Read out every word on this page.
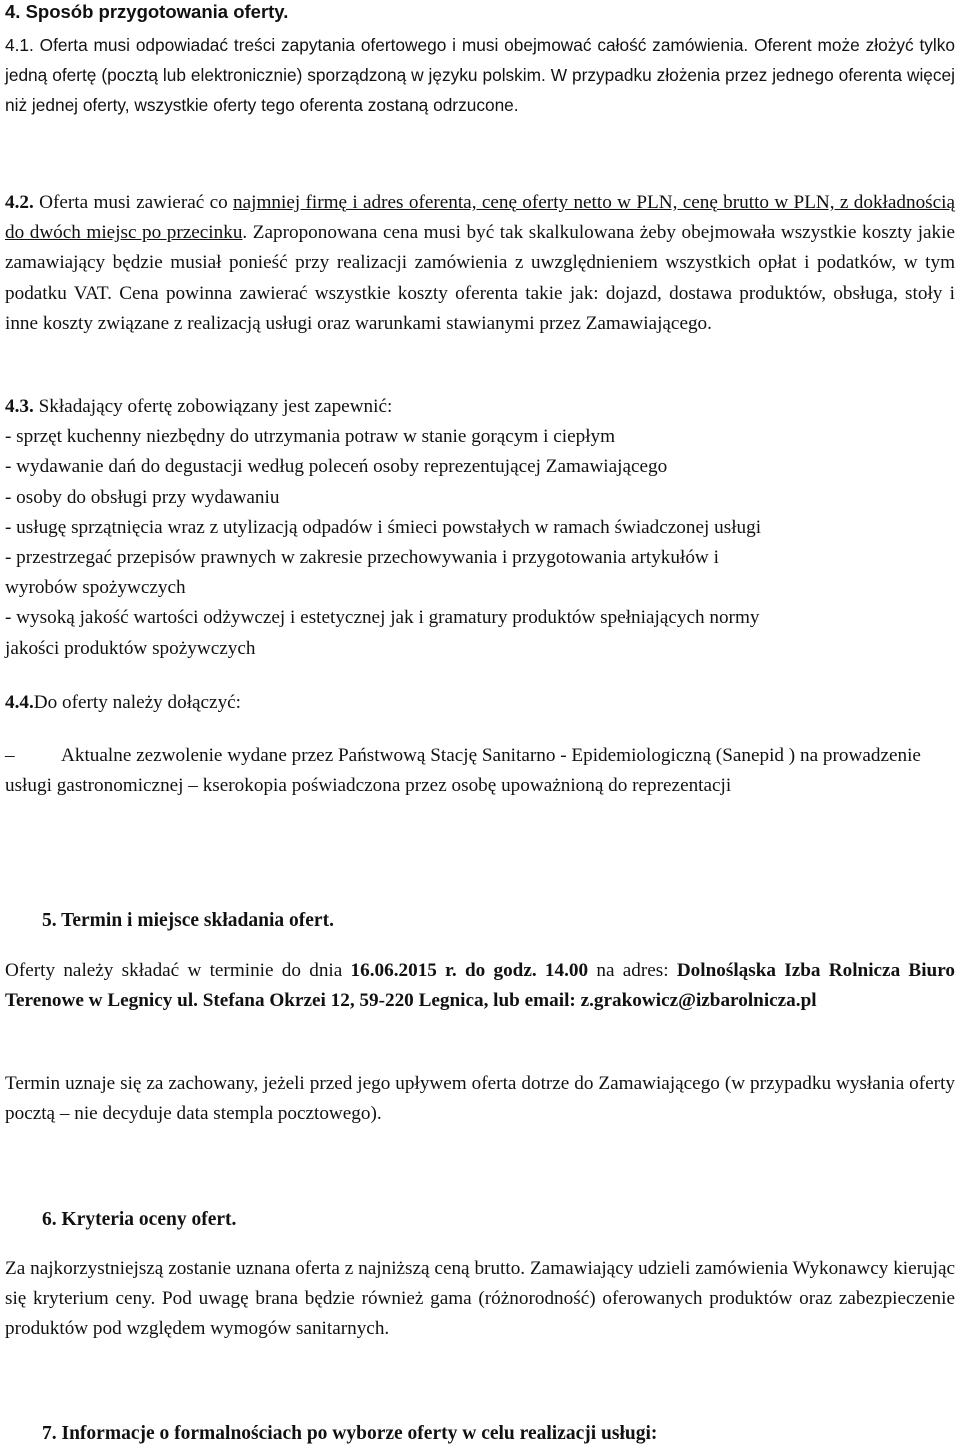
4. Sposób przygotowania oferty.

4.1. Oferta musi odpowiadać treści zapytania ofertowego i musi obejmować całość zamówienia. Oferent może złożyć tylko jedną ofertę (pocztą lub elektronicznie) sporządzoną w języku polskim. W przypadku złożenia przez jednego oferenta więcej niż jednej oferty, wszystkie oferty tego oferenta zostaną odrzucone.

4.2. Oferta musi zawierać co najmniej firmę i adres oferenta, cenę oferty netto w PLN, cenę brutto w PLN, z dokładnością do dwóch miejsc po przecinku. Zaproponowana cena musi być tak skalkulowana żeby obejmowała wszystkie koszty jakie zamawiający będzie musiał ponieść przy realizacji zamówienia z uwzględnieniem wszystkich opłat i podatków, w tym podatku VAT. Cena powinna zawierać wszystkie koszty oferenta takie jak: dojazd, dostawa produktów, obsługa, stoły i inne koszty związane z realizacją usługi oraz warunkami stawianymi przez Zamawiającego.

4.3. Składający ofertę zobowiązany jest zapewnić:
- sprzęt kuchenny niezbędny do utrzymania potraw w stanie gorącym i ciepłym
- wydawanie dań do degustacji według poleceń osoby reprezentującej Zamawiającego
- osoby do obsługi przy wydawaniu
- usługę sprzątnięcia wraz z utylizacją odpadów i śmieci powstałych w ramach świadczonej usługi
- przestrzegać przepisów prawnych w zakresie przechowywania i przygotowania artykułów i
wyrobów spożywczych
- wysoką jakość wartości odżywczej i estetycznej jak i gramatury produktów spełniających normy
jakości produktów spożywczych

4.4.Do oferty należy dołączyć:

– Aktualne zezwolenie wydane przez Państwową Stację Sanitarno - Epidemiologiczną (Sanepid ) na prowadzenie usługi gastronomicznej – kserokopia poświadczona przez osobę upoważnioną do reprezentacji

5. Termin i miejsce składania ofert.

Oferty należy składać w terminie do dnia 16.06.2015 r. do godz. 14.00 na adres: Dolnośląska Izba Rolnicza Biuro Terenowe w Legnicy ul. Stefana Okrzei 12, 59-220 Legnica, lub email: z.grakowicz@izbarolnicza.pl

Termin uznaje się za zachowany, jeżeli przed jego upływem oferta dotrze do Zamawiającego (w przypadku wysłania oferty pocztą – nie decyduje data stempla pocztowego).

6. Kryteria oceny ofert.

Za najkorzystniejszą zostanie uznana oferta z najniższą ceną brutto. Zamawiający udzieli zamówienia Wykonawcy kierując się kryterium ceny. Pod uwagę brana będzie również gama (różnorodność) oferowanych produktów oraz zabezpieczenie produktów pod względem wymogów sanitarnych.

7. Informacje o formalnościach po wyborze oferty w celu realizacji usługi:
